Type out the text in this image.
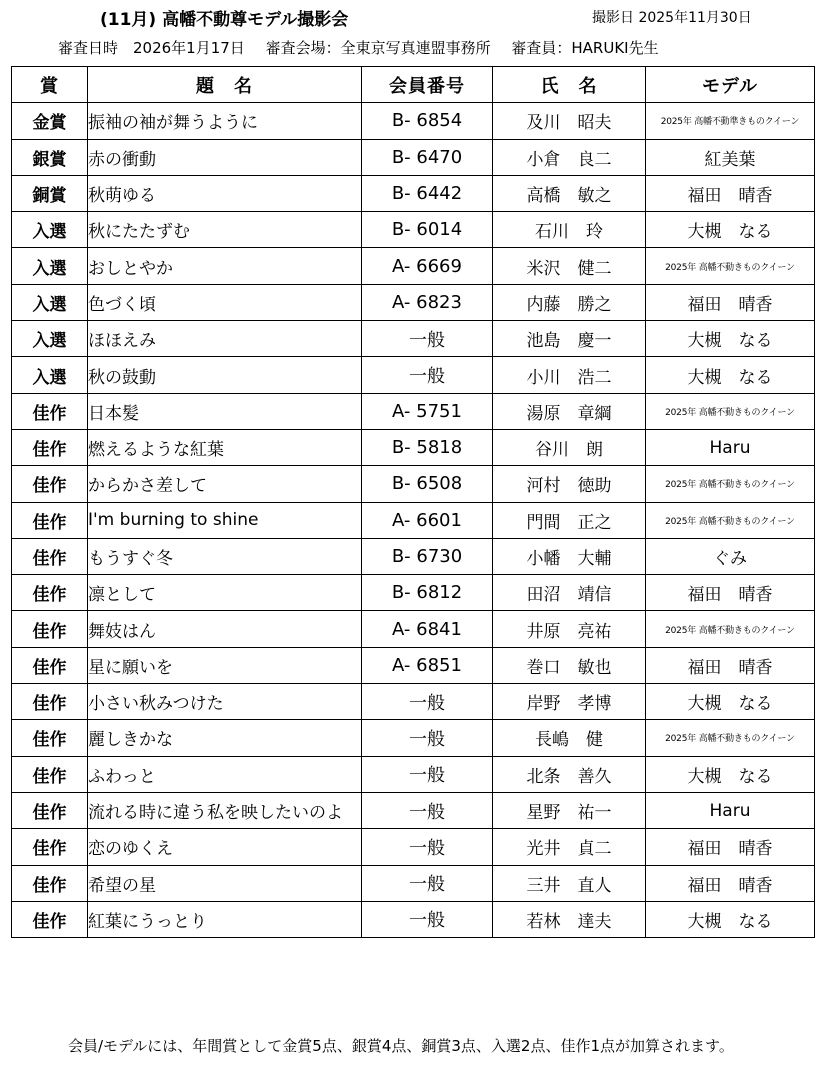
(11月) 高幡不動尊モデル撮影会	撮影日 2025年11月30日
審査日時　2026年1月17日 審査会場：全東京写真連盟事務所 審査員：HARUKI先生
賞	題　名	会員番号	氏　名	モデル
金賞	振袖の袖が舞うように	B- 6854	及川　昭夫	2025年 高幡不動準きものクイーン
銀賞	赤の衝動	B- 6470	小倉　良二	紅美葉
銅賞	秋萌ゆる	B- 6442	高橋　敏之	福田　晴香
入選	秋にたたずむ	B- 6014	石川　玲	大槻　なる
入選	おしとやか	A- 6669	米沢　健二	2025年 高幡不動きものクイーン
入選	色づく頃	A- 6823	内藤　勝之	福田　晴香
入選	ほほえみ	一般	池島　慶一	大槻　なる
入選	秋の鼓動	一般	小川　浩二	大槻　なる
佳作	日本髪	A- 5751	湯原　章綱	2025年 高幡不動きものクイーン
佳作	燃えるような紅葉	B- 5818	谷川　朗	Haru
佳作	からかさ差して	B- 6508	河村　徳助	2025年 高幡不動きものクイーン
佳作	I'm burning to shine	A- 6601	門間　正之	2025年 高幡不動きものクイーン
佳作	もうすぐ冬	B- 6730	小幡　大輔	ぐみ
佳作	凛として	B- 6812	田沼　靖信	福田　晴香
佳作	舞妓はん	A- 6841	井原　亮祐	2025年 高幡不動きものクイーン
佳作	星に願いを	A- 6851	巻口　敏也	福田　晴香
佳作	小さい秋みつけた	一般	岸野　孝博	大槻　なる
佳作	麗しきかな	一般	長嶋　健	2025年 高幡不動きものクイーン
佳作	ふわっと	一般	北条　善久	大槻　なる
佳作	流れる時に違う私を映したいのよ	一般	星野　祐一	Haru
佳作	恋のゆくえ	一般	光井　貞二	福田　晴香
佳作	希望の星	一般	三井　直人	福田　晴香
佳作	紅葉にうっとり	一般	若林　達夫	大槻　なる
会員/モデルには、年間賞として金賞5点、銀賞4点、銅賞3点、入選2点、佳作1点が加算されます。
